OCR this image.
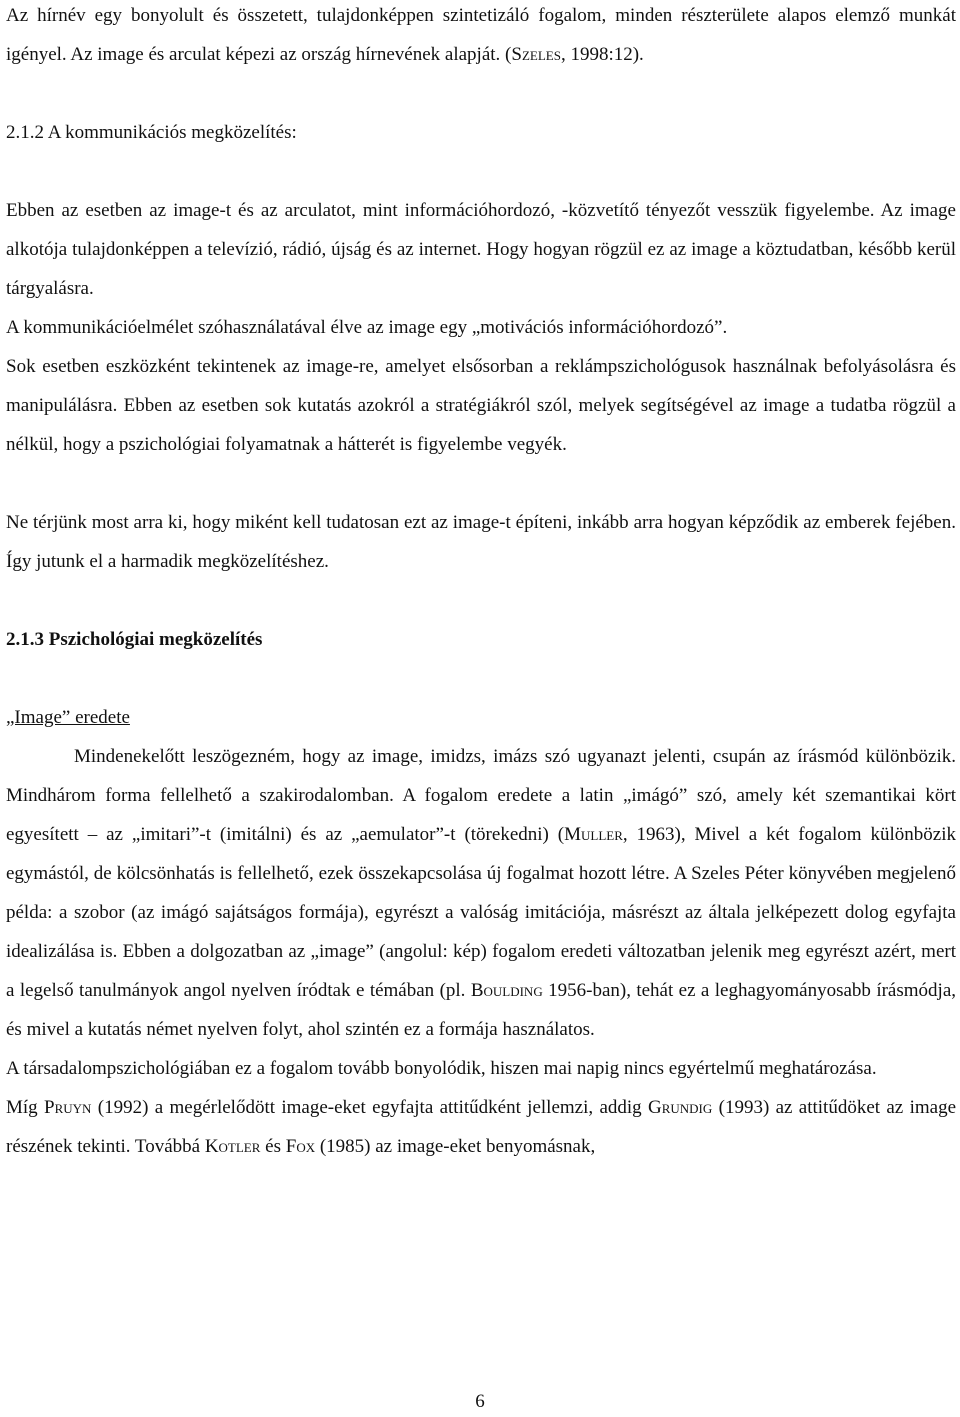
Az hírnév egy bonyolult és összetett, tulajdonképpen szintetizáló fogalom, minden részterülete alapos elemző munkát igényel. Az image és arculat képezi az ország hírnevének alapját. (Szeles, 1998:12).

2.1.2 A kommunikációs megközelítés:

Ebben az esetben az image-t és az arculatot, mint információhordozó, -közvetítő tényezőt vesszük figyelembe. Az image alkotója tulajdonképpen a televízió, rádió, újság és az internet. Hogy hogyan rögzül ez az image a köztudatban, később kerül tárgyalásra.

A kommunikációelmélet szóhasználatával élve az image egy „motivációs információhordozó”.

Sok esetben eszközként tekintenek az image-re, amelyet elsősorban a reklámpszichológusok használnak befolyásolásra és manipulálásra. Ebben az esetben sok kutatás azokról a stratégiákról szól, melyek segítségével az image a tudatba rögzül a nélkül, hogy a pszichológiai folyamatnak a hátterét is figyelembe vegyék.

Ne térjünk most arra ki, hogy miként kell tudatosan ezt az image-t építeni, inkább arra hogyan képződik az emberek fejében. Így jutunk el a harmadik megközelítéshez.

2.1.3 Pszichológiai megközelítés

„Image” eredete

Mindenekelőtt leszögezném, hogy az image, imidzs, imázs szó ugyanazt jelenti, csupán az írásmód különbözik. Mindhárom forma fellelhető a szakirodalomban. A fogalom eredete a latin „imágó” szó, amely két szemantikai kört egyesített – az „imitari”-t (imitálni) és az „aemulator”-t (törekedni) (Muller, 1963), Mivel a két fogalom különbözik egymástól, de kölcsönhatás is fellelhető, ezek összekapcsolása új fogalmat hozott létre. A Szeles Péter könyvében megjelenő példa: a szobor (az imágó sajátságos formája), egyrészt a valóság imitációja, másrészt az általa jelképezett dolog egyfajta idealizálása is. Ebben a dolgozatban az „image” (angolul: kép) fogalom eredeti változatban jelenik meg egyrészt azért, mert a legelső tanulmányok angol nyelven íródtak e témában (pl. Boulding 1956-ban), tehát ez a leghagyományosabb írásmódja, és mivel a kutatás német nyelven folyt, ahol szintén ez a formája használatos.

A társadalompszichológiában ez a fogalom tovább bonyolódik, hiszen mai napig nincs egyértelmű meghatározása.

Míg Pruyn (1992) a megérlelődött image-eket egyfajta attitűdként jellemzi, addig Grundig (1993) az attitűdöket az image részének tekinti. Továbbá Kotler és Fox (1985) az image-eket benyomásnak,

6
